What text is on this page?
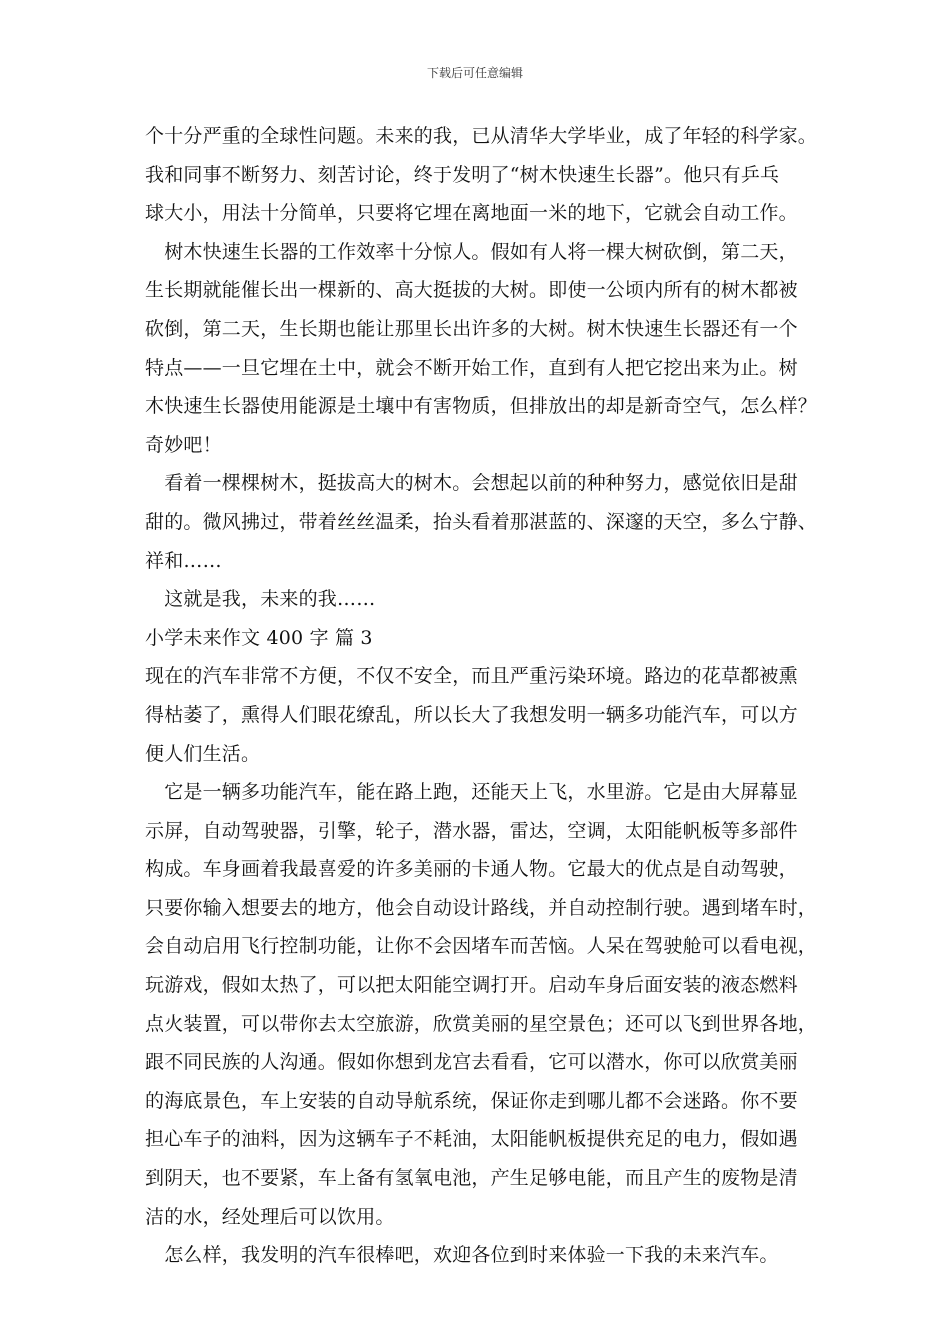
下载后可任意编辑
个十分严重的全球性问题。未来的我，已从清华大学毕业，成了年轻的科学家。
我和同事不断努力、刻苦讨论，终于发明了“树木快速生长器”。他只有乒乓
球大小，用法十分简单，只要将它埋在离地面一米的地下，它就会自动工作。
　树木快速生长器的工作效率十分惊人。假如有人将一棵大树砍倒，第二天，
生长期就能催长出一棵新的、高大挺拔的大树。即使一公顷内所有的树木都被
砍倒，第二天，生长期也能让那里长出许多的大树。树木快速生长器还有一个
特点——一旦它埋在土中，就会不断开始工作，直到有人把它挖出来为止。树
木快速生长器使用能源是土壤中有害物质，但排放出的却是新奇空气，怎么样？
奇妙吧！
　看着一棵棵树木，挺拔高大的树木。会想起以前的种种努力，感觉依旧是甜
甜的。微风拂过，带着丝丝温柔，抬头看着那湛蓝的、深邃的天空，多么宁静、
祥和……
　这就是我，未来的我……
小学未来作文 400 字 篇 3
现在的汽车非常不方便，不仅不安全，而且严重污染环境。路边的花草都被熏
得枯萎了，熏得人们眼花缭乱，所以长大了我想发明一辆多功能汽车，可以方
便人们生活。
　它是一辆多功能汽车，能在路上跑，还能天上飞，水里游。它是由大屏幕显
示屏，自动驾驶器，引擎，轮子，潜水器，雷达，空调，太阳能帆板等多部件
构成。车身画着我最喜爱的许多美丽的卡通人物。它最大的优点是自动驾驶，
只要你输入想要去的地方，他会自动设计路线，并自动控制行驶。遇到堵车时，
会自动启用飞行控制功能，让你不会因堵车而苦恼。人呆在驾驶舱可以看电视，
玩游戏，假如太热了，可以把太阳能空调打开。启动车身后面安装的液态燃料
点火装置，可以带你去太空旅游，欣赏美丽的星空景色；还可以飞到世界各地，
跟不同民族的人沟通。假如你想到龙宫去看看，它可以潜水，你可以欣赏美丽
的海底景色，车上安装的自动导航系统，保证你走到哪儿都不会迷路。你不要
担心车子的油料，因为这辆车子不耗油，太阳能帆板提供充足的电力，假如遇
到阴天，也不要紧，车上备有氢氧电池，产生足够电能，而且产生的废物是清
洁的水，经处理后可以饮用。
　怎么样，我发明的汽车很棒吧，欢迎各位到时来体验一下我的未来汽车。
